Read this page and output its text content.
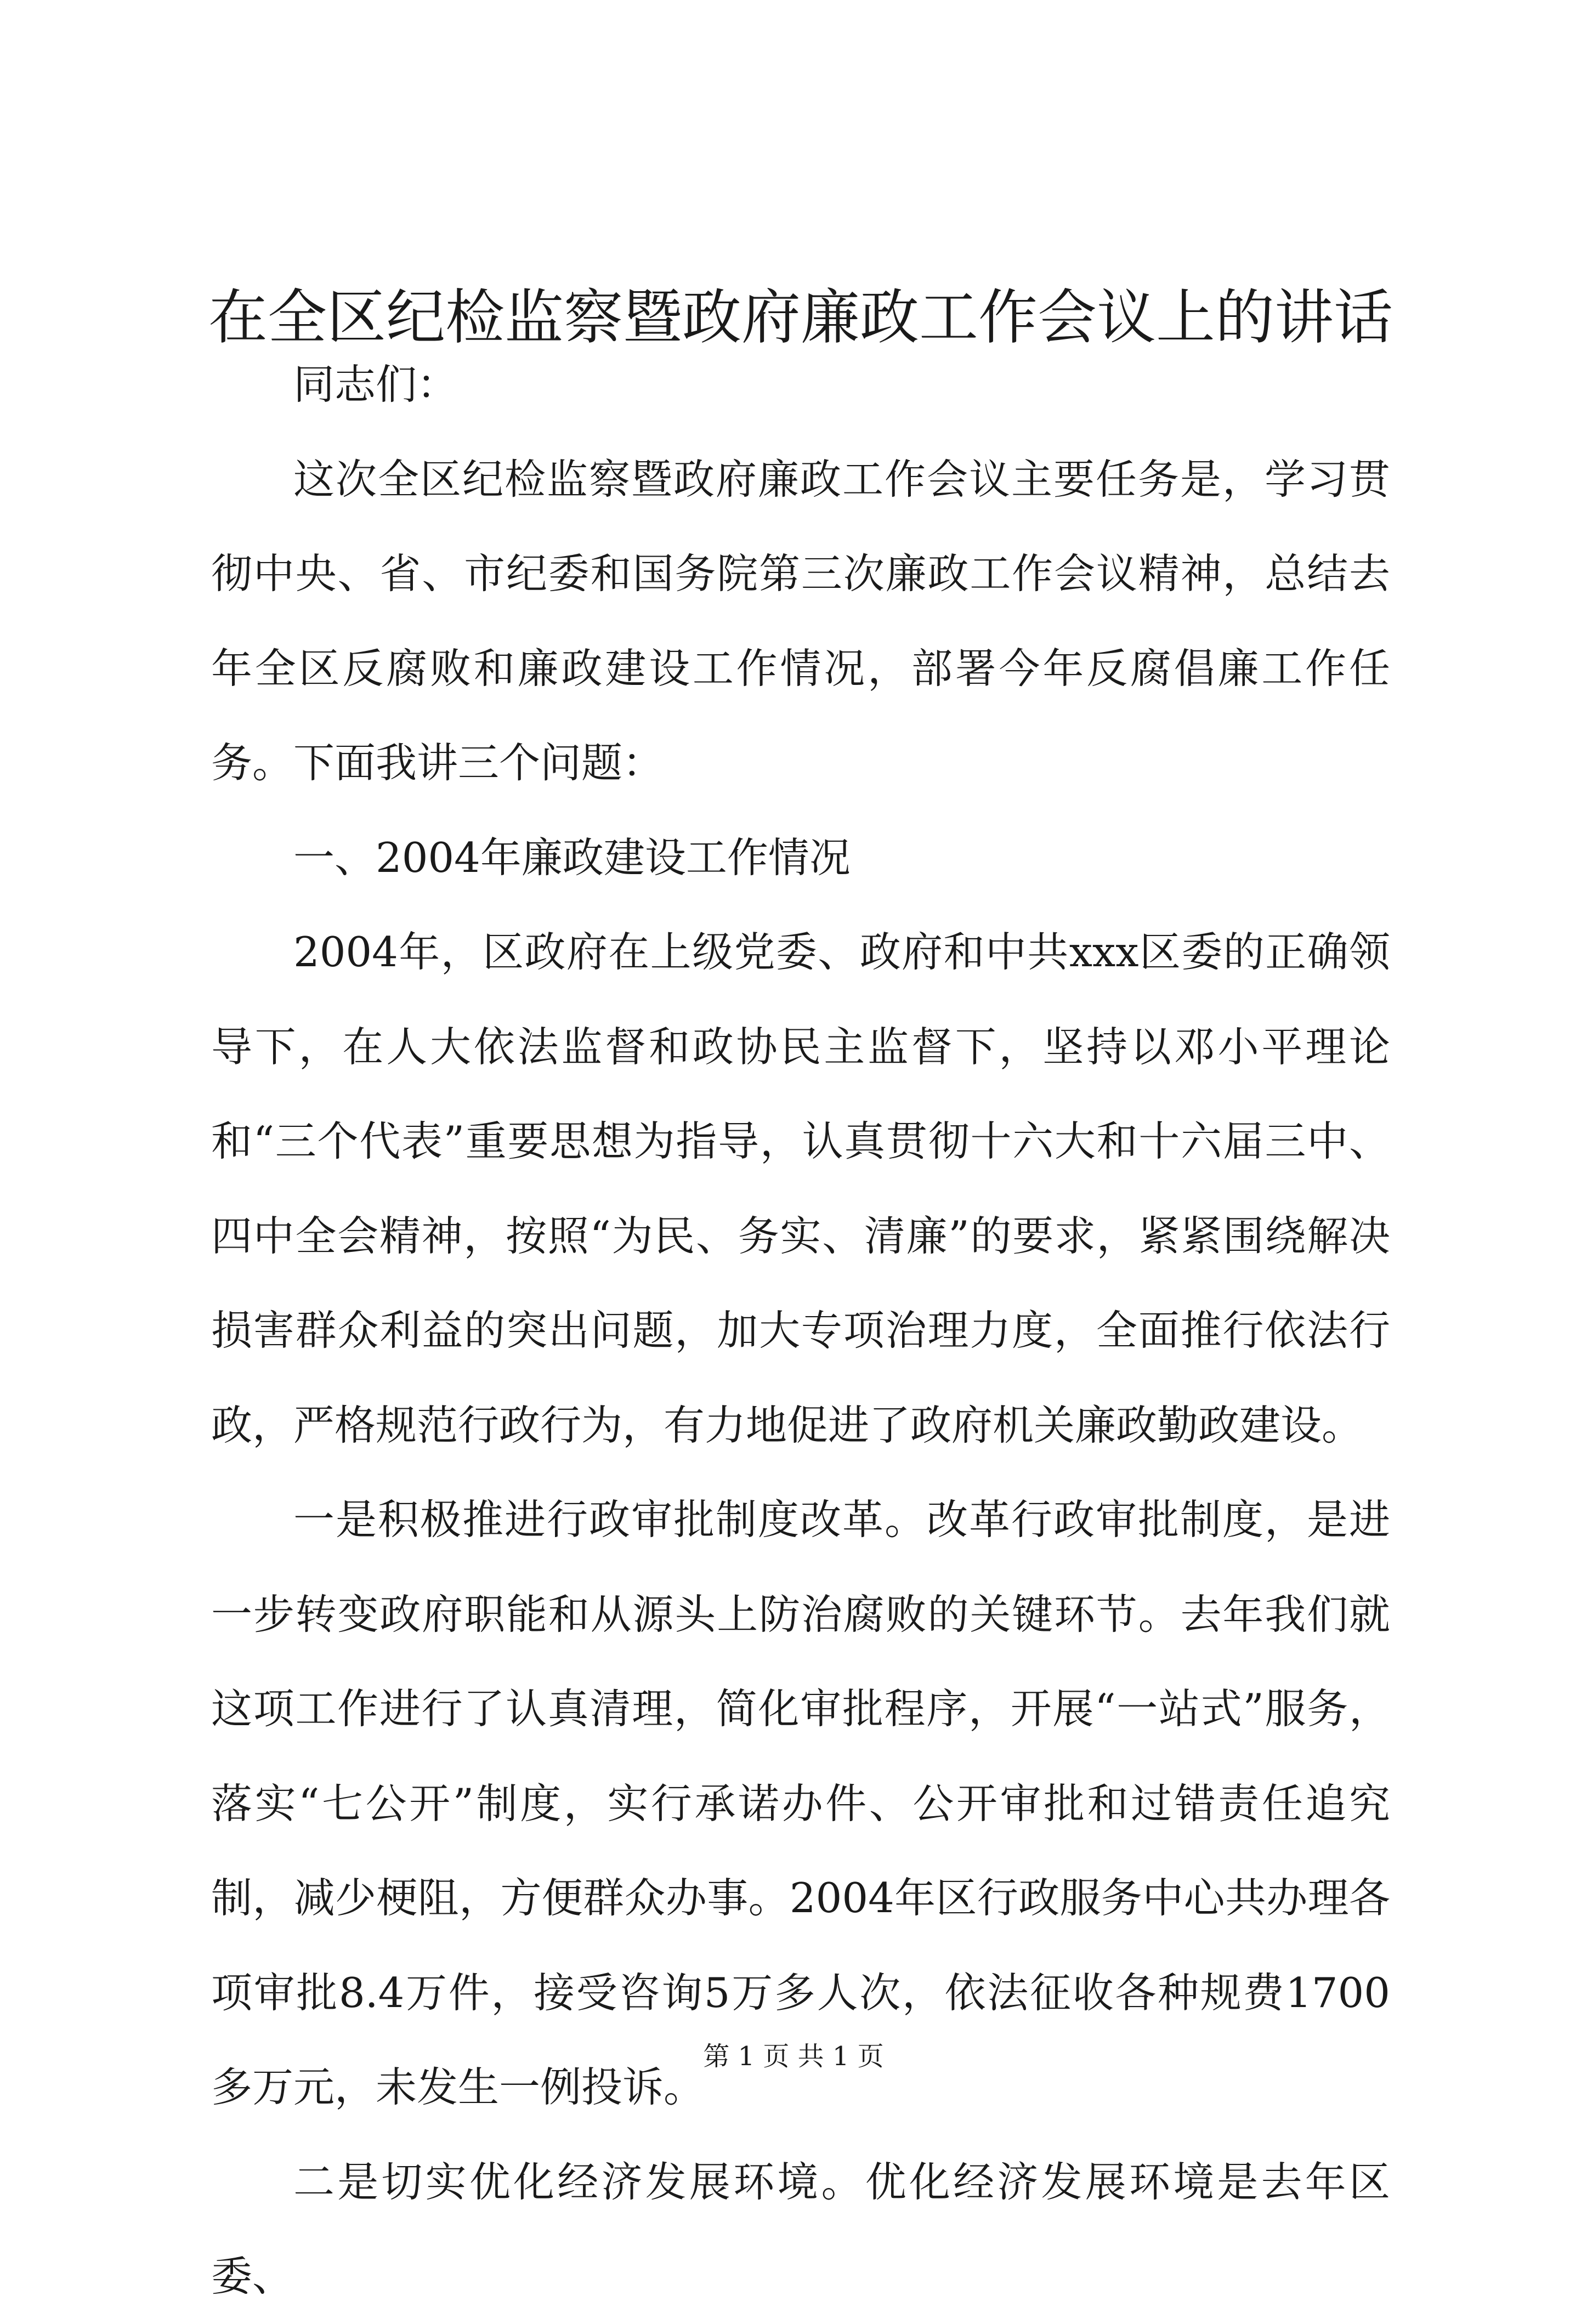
在全区纪检监察暨政府廉政工作会议上的讲话

同志们：

这次全区纪检监察暨政府廉政工作会议主要任务是，学习贯彻中央、省、市纪委和国务院第三次廉政工作会议精神，总结去年全区反腐败和廉政建设工作情况，部署今年反腐倡廉工作任务。下面我讲三个问题：

一、2004年廉政建设工作情况

2004年，区政府在上级党委、政府和中共xxx区委的正确领导下，在人大依法监督和政协民主监督下，坚持以邓小平理论和“三个代表”重要思想为指导，认真贯彻十六大和十六届三中、四中全会精神，按照“为民、务实、清廉”的要求，紧紧围绕解决损害群众利益的突出问题，加大专项治理力度，全面推行依法行政，严格规范行政行为，有力地促进了政府机关廉政勤政建设。

一是积极推进行政审批制度改革。改革行政审批制度，是进一步转变政府职能和从源头上防治腐败的关键环节。去年我们就这项工作进行了认真清理，简化审批程序，开展“一站式”服务，落实“七公开”制度，实行承诺办件、公开审批和过错责任追究制，减少梗阻，方便群众办事。2004年区行政服务中心共办理各项审批8.4万件，接受咨询5万多人次，依法征收各种规费1700多万元，未发生一例投诉。

二是切实优化经济发展环境。优化经济发展环境是去年区委、

第 1 页 共 1 页
